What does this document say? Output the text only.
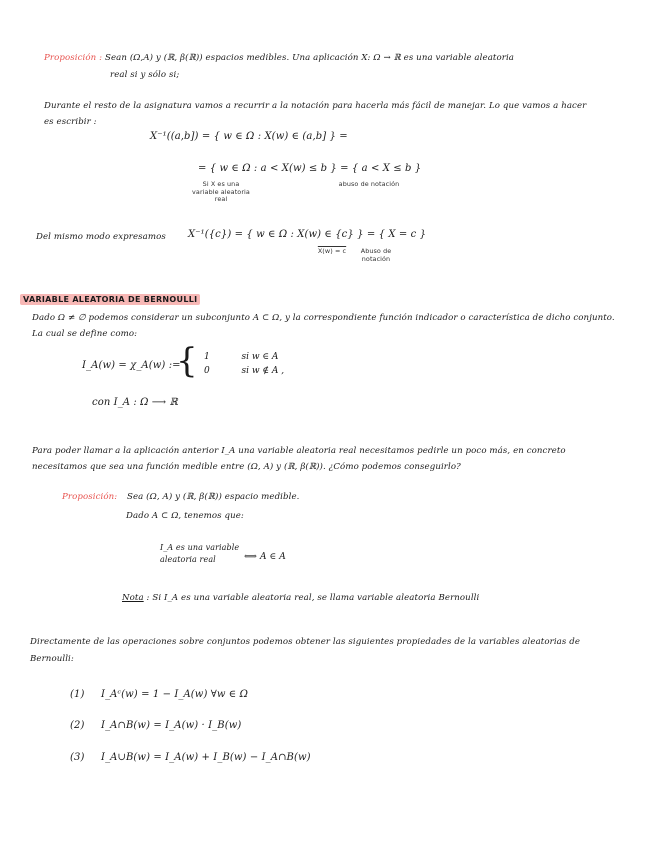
Proposición : Sean (Ω,A) y (ℝ, β(ℝ)) espacios medibles. Una aplicación X: Ω → ℝ es una variable aleatoria
real si y sólo si;
Durante el resto de la asignatura vamos a recurrir a la notación para hacerla más fácil de manejar. Lo que vamos a hacer
es escribir :
X⁻¹((a,b]) = { w ∈ Ω : X(w) ∈ (a,b] } =
= { w ∈ Ω : a < X(w) ≤ b } = { a < X ≤ b }
Si X es una variable aleatoria real
abuso de notación
Del mismo modo expresamos X⁻¹({c}) = { w ∈ Ω : X(w) ∈ {c} } = { X = c }
X(w) = c	Abuso de notación
VARIABLE ALEATORIA DE BERNOULLI
Dado Ω ≠ ∅ podemos considerar un subconjunto A ⊂ Ω, y la correspondiente función indicador o característica de dicho conjunto.
La cual se define como:
I_A(w) = χ_A(w) :=
{ 1	si w ∈ A
0	si w ∉ A ,
con I_A : Ω ⟶ ℝ
Para poder llamar a la aplicación anterior I_A una variable aleatoria real necesitamos pedirle un poco más, en concreto
necesitamos que sea una función medible entre (Ω, A) y (ℝ, β(ℝ)). ¿Cómo podemos conseguirlo?
Proposición: Sea (Ω, A) y (ℝ, β(ℝ)) espacio medible.
Dado A ⊂ Ω, tenemos que:
I_A es una variable
aleatoria real	⟺ A ∈ A
Nota : Si I_A es una variable aleatoria real, se llama variable aleatoria Bernoulli
Directamente de las operaciones sobre conjuntos podemos obtener las siguientes propiedades de la variables aleatorias de
Bernoulli:
(1) I_Aᶜ(w) = 1 − I_A(w) ∀w ∈ Ω
(2) I_A∩B(w) = I_A(w) · I_B(w)
(3) I_A∪B(w) = I_A(w) + I_B(w) − I_A∩B(w)
